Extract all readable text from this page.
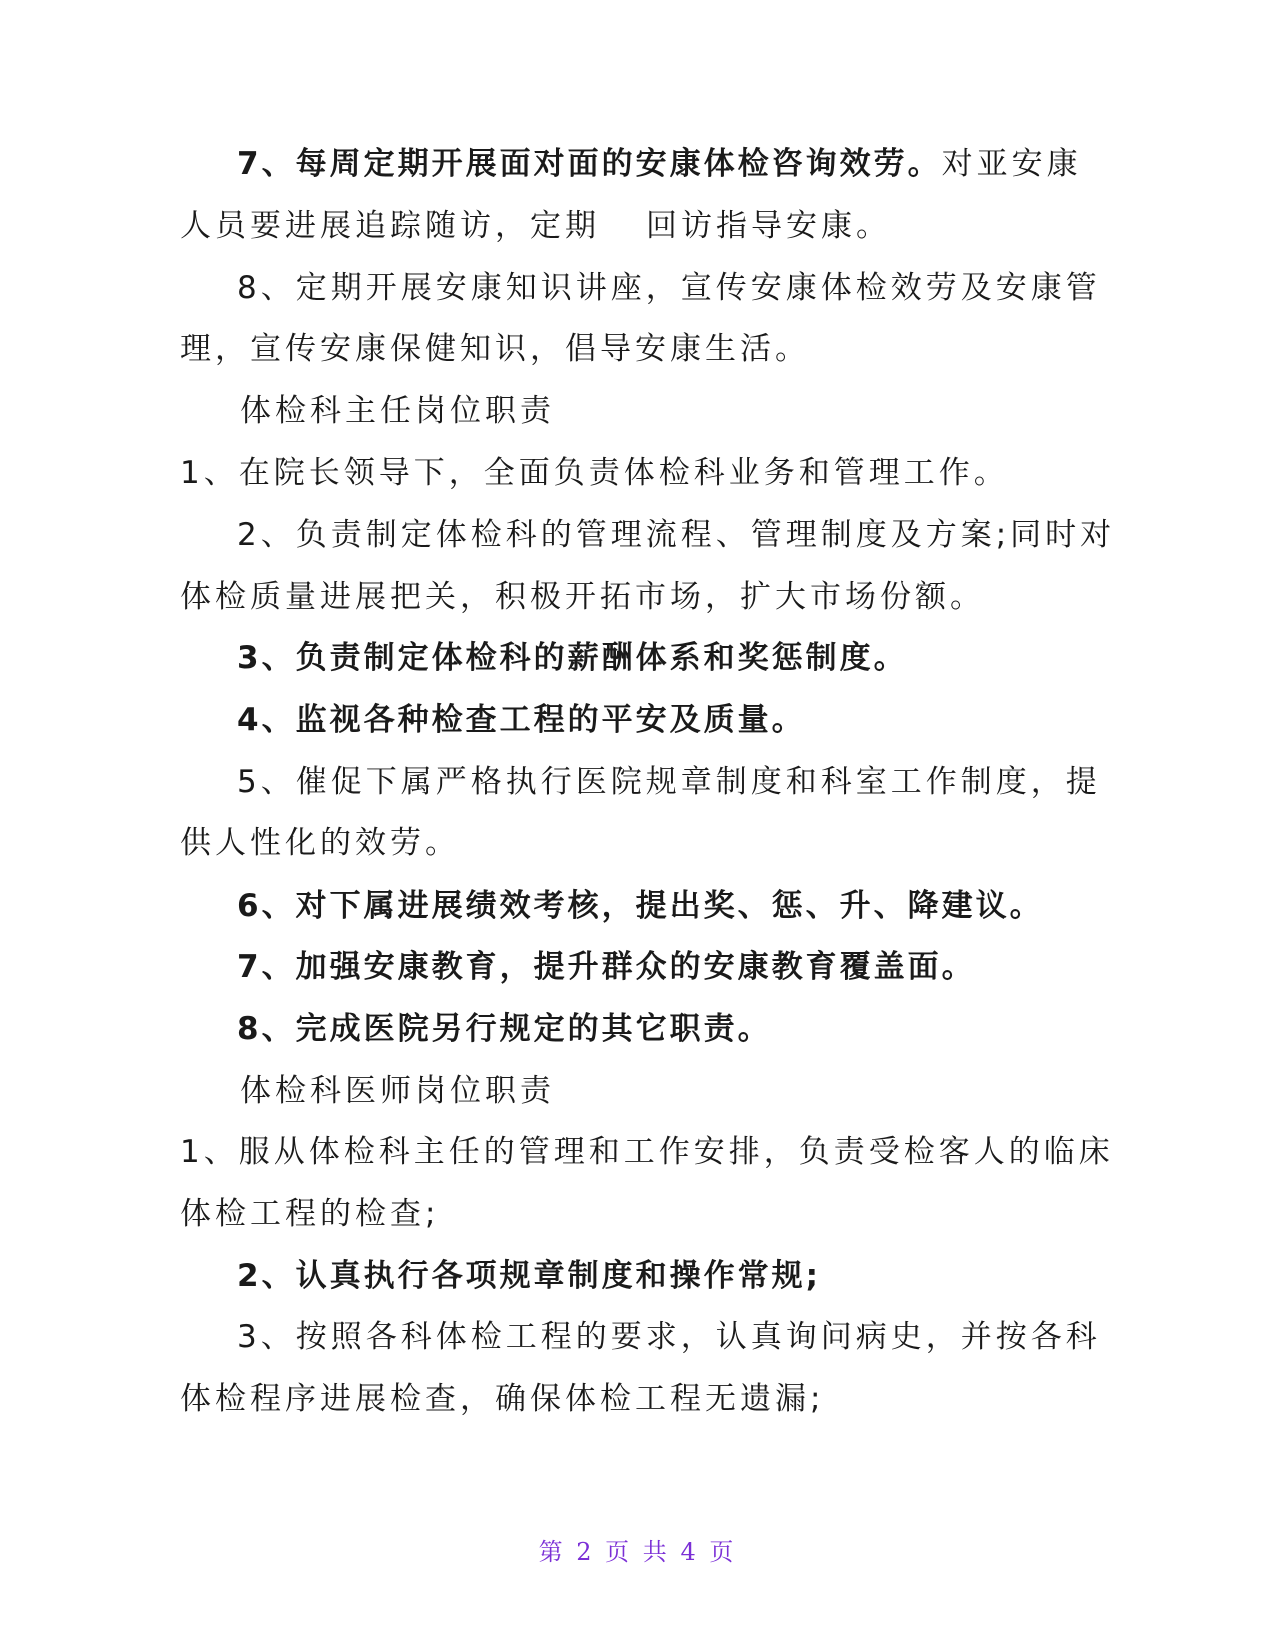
7、每周定期开展面对面的安康体检咨询效劳。对亚安康
人员要进展追踪随访，定期 回访指导安康。
8、定期开展安康知识讲座，宣传安康体检效劳及安康管
理，宣传安康保健知识，倡导安康生活。
体检科主任岗位职责
1、在院长领导下，全面负责体检科业务和管理工作。
2、负责制定体检科的管理流程、管理制度及方案;同时对
体检质量进展把关，积极开拓市场，扩大市场份额。
3、负责制定体检科的薪酬体系和奖惩制度。
4、监视各种检查工程的平安及质量。
5、催促下属严格执行医院规章制度和科室工作制度，提
供人性化的效劳。
6、对下属进展绩效考核，提出奖、惩、升、降建议。
7、加强安康教育，提升群众的安康教育覆盖面。
8、完成医院另行规定的其它职责。
体检科医师岗位职责
1、服从体检科主任的管理和工作安排，负责受检客人的临床
体检工程的检查;
2、认真执行各项规章制度和操作常规;
3、按照各科体检工程的要求，认真询问病史，并按各科
体检程序进展检查，确保体检工程无遗漏;
第 2 页 共 4 页
